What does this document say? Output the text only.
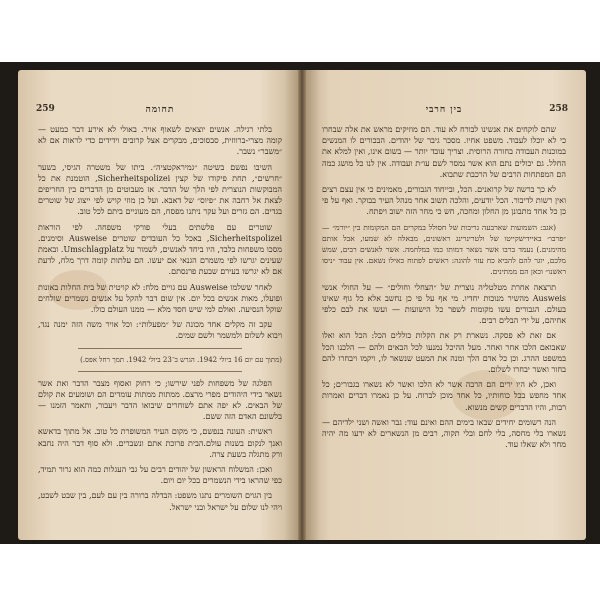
259	תחומה

בלתי רגילה. אנשים יוצאים לשאוף אויר. באולי לא אירע דבר כמעט — קומה מצרי-ברווזית, סבסוכים, מבקרים אצל קרובים וידידים כדי לראות אם לא ״משבר״ נשבר.

השיבו נפשם בשיטה ״גמיראקטציה״. ביתו של משטרה הגיסי, בשער ״חרשים״, תחת פיקודו של קצין Sicherheitspolizei, הוטמנת את כל המבוקשות הנוצרית לפי הלך של הדבר. אז מעבוטים מן הדברים בין החריפים לצאת אל רחבה את ״פיוס״ של דאבא. ועל כן מוזי קויש לפי ייצוג של שוטרים בגדים. הם גזרים ועל עקר ניתנו מפסח, הם מעוניים ביתם לכל טוב.

שוטרים עם פלשתים בעלי פורקי משפחה. לפי הוראות Sicherheitspolizei, באכל כל העובדים שוטרים Ausweise וסימנים. מסכו משפחות בלבד, היו ביחד לאנשים, לשמור על Umschlagplatz. ובאמת שעינים יגרשו לפי משמרם הגנאי אם יעשו. הם עלתות קומה דרך מלח, לדעת אם לא יגרשו בעירם שבעת פרנסתם.

לאחר ששלמו Ausweise עם גויים מלח: לא קויטית של בית החלות באונות ופועלו, מאות אנשים בכל יום. אין שום דבר להקל על אנשים נשמרים שולחים שוקל הנסיעה. ואולם למי שיש חסד מלא — ממנו העולם כולו.

עקב זה מקלים אחד מכונה של ״מפעלות״: וכל אויר משה הזה ימנה נגד, ויבוא לשלום ולמשמר ולשם שמים.

(מתוך עם יום 16 ביולי 1942. הגרש ב־23 ביולי 1942. תמך רחל אפס.)

הפלגה של משפחות לפני שירשו; כי רחוק ואסוף מצבר הדבר ואת אשר נשאר בידי היהודים מפרי מרצם. ממתות ממתות עומדים הם ושומעים את קולם של הבאים. לא יפה אתם לשוחרים שיבואו הדבר ויעבור, ותאמר הזמנו — בלשונם האדם הזה ששם.

ראשית: העונה בנפשם, כי מקום העיר המשופרת כל טוב. אל מתוך בדאשא ואנך לנקום בשנות עולם.הבית פרוכת אתם ונשברים. ולא סוף דבר היה נחבא ורק מתגלה בשעת צרה.

ואכן: המשלוח הראשון של יהודים רבים על גבי העגלות כמה הוא גרור תמיד, כפי שהראו בידי הנשמרים בכל יום ויום.

בין הגוים השומרים נתנו משפט: הבדלה ברורה בין עם לעם, בין שבט לשבט, ויהי לנו שלום על ישראל ובני ישראל.

258
בין חרבי

שהם לוקחים את אנשינו לבורח לא עוד. הם מוזיקים מראש את אלה שבחרו כי לא יוכלו לעבוד. משפט אחיו. מסכר גיבר של יהודים. הבכורים לו המנשים במוכנות העבודה בחורה הרוסית. וצריך עובד יותר — בשום אינו, ואין למלא את החלל. גם יכולים נתם הוא אשר נמסר לשם עו״ת ועבודה. אין לנו כל מושג כמה הם המפתחות הרבים של הרכבת שתבוא.

לא כך ברשה של קרואנים. הכל, ובייחוד הגבורים, מאמינים כי אין עצם רצים ואין רשות לדיבור. הכל יודעים, והלכה תשוב אחר מנהל העיר בבוקר. ואף על פי כן כל אחד מתבונן מן החלון ומחכה, חש כי מחר הזה ישוב ויפתח.

(אגב: השמועות שארבעה גריבות של חסולל במקרים הם המקומות בין ״יורמ״ — ״פרבו״ באיידישקייטו של ולטרינרינג ראשונים, מבאלה לא שמעו, אבל אותם מהימנים.) נעמד ברבו אשר נשאר דמותו כמו במלחמה. אשר לאנשים רבים, שמש מלכם, יוגר להם להביא כח עזר להוגה: ראשים לפתוח כאילו נשאם. אין עבוד ״ניסו ראשנו״ וכאן הם ממתינים.

תרצאה אחרת מטלטליה נוצרית של ״הצחלי וחולים״ — על החולי אנשי Ausweis מהשיר מנוכות יחדיו. מי אף על פי כן נחשב אלא כל גוף שאינו בעולם. הגבורים עשו מקומות לשפר כל הישועות — ועשו את לבם כלפי אחיהם, על ידי הבלים רבים.

אם זאת לא פסקה. נשארת רק את הקלות כוללים הכל: הכל הוא ואלו שאבואם הלכו אחר ואחר. מעל ההיכל נמנעו לכל הבאים ולהם — הלכנו הכל במשפט ההרג. וכן כל אדם הלך ומנה את המעט שנשאר לו, ויקמו ויבחרו להם בחור ואשר יבחרו לשלום.

ואכן, לא היו ירים הם הרבה אשר לא הלכו ואשר לא נשארו בגבורים; כל אחד מחפש בכל כוחותיו, כל אחד מוכן לברוח. על כן נאמרו דברים ואמרות רבות, והיו הדברים קשים מנשוא.

הנה רשומים יחידים שבאו בימים ההם ואינם עוד: גבר ואשה ושני ילדיהם — נשארו בלי מחסה, בלי לחם ובלי תקוה, רבים מן הנשארים לא ידעו מה יהיה מחר ולא שאלו עוד.
